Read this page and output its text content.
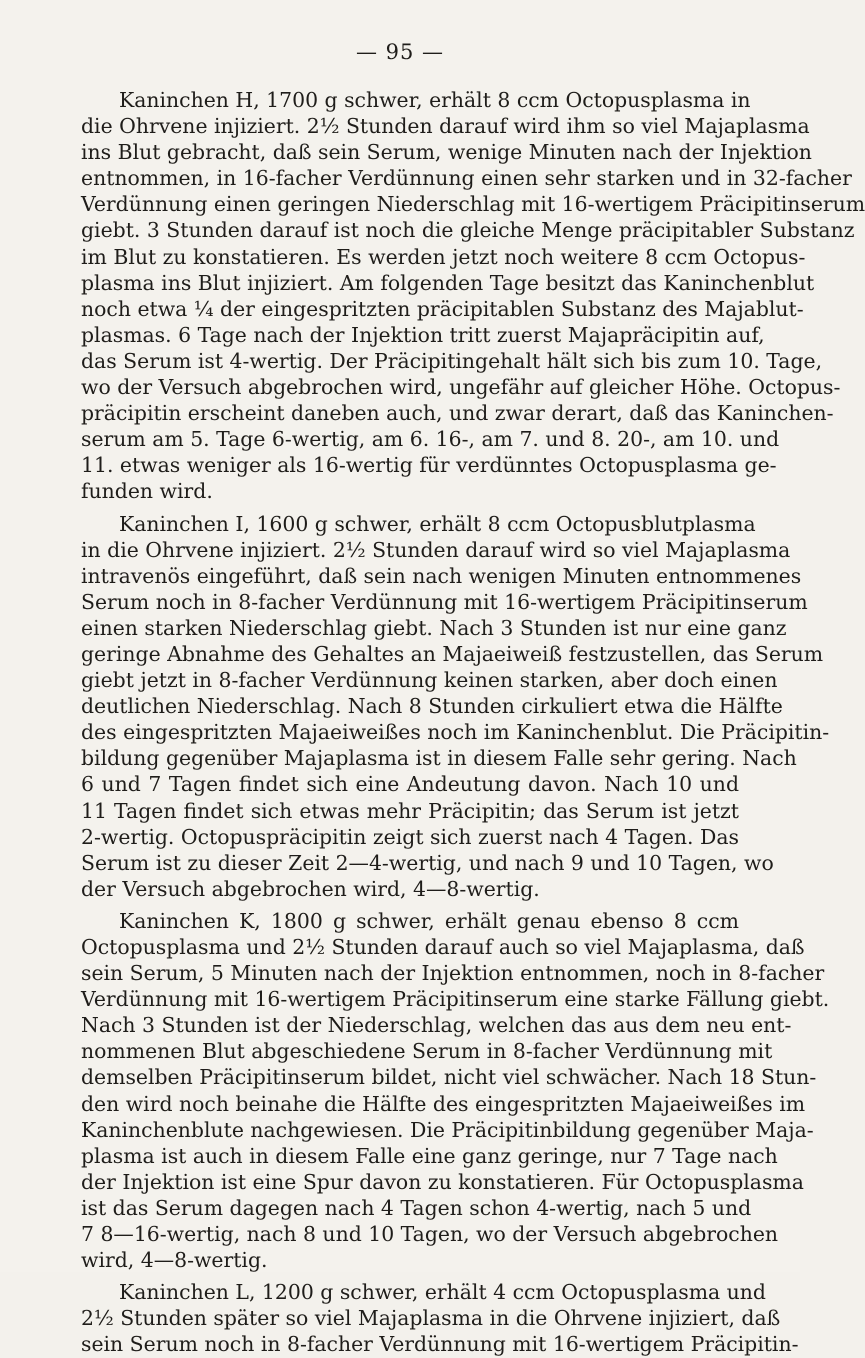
— 95 —

Kaninchen H, 1700 g schwer, erhält 8 ccm Octopusplasma in
die Ohrvene injiziert. 2½ Stunden darauf wird ihm so viel Majaplasma
ins Blut gebracht, daß sein Serum, wenige Minuten nach der Injektion
entnommen, in 16-facher Verdünnung einen sehr starken und in 32-facher
Verdünnung einen geringen Niederschlag mit 16-wertigem Präcipitinserum
giebt. 3 Stunden darauf ist noch die gleiche Menge präcipitabler Substanz
im Blut zu konstatieren. Es werden jetzt noch weitere 8 ccm Octopus-
plasma ins Blut injiziert. Am folgenden Tage besitzt das Kaninchenblut
noch etwa ¼ der eingespritzten präcipitablen Substanz des Majablut-
plasmas. 6 Tage nach der Injektion tritt zuerst Majapräcipitin auf,
das Serum ist 4-wertig. Der Präcipitingehalt hält sich bis zum 10. Tage,
wo der Versuch abgebrochen wird, ungefähr auf gleicher Höhe. Octopus-
präcipitin erscheint daneben auch, und zwar derart, daß das Kaninchen-
serum am 5. Tage 6-wertig, am 6. 16-, am 7. und 8. 20-, am 10. und
11. etwas weniger als 16-wertig für verdünntes Octopusplasma ge-
funden wird.

Kaninchen I, 1600 g schwer, erhält 8 ccm Octopusblutplasma
in die Ohrvene injiziert. 2½ Stunden darauf wird so viel Majaplasma
intravenös eingeführt, daß sein nach wenigen Minuten entnommenes
Serum noch in 8-facher Verdünnung mit 16-wertigem Präcipitinserum
einen starken Niederschlag giebt. Nach 3 Stunden ist nur eine ganz
geringe Abnahme des Gehaltes an Majaeiweiß festzustellen, das Serum
giebt jetzt in 8-facher Verdünnung keinen starken, aber doch einen
deutlichen Niederschlag. Nach 8 Stunden cirkuliert etwa die Hälfte
des eingespritzten Majaeiweißes noch im Kaninchenblut. Die Präcipitin-
bildung gegenüber Majaplasma ist in diesem Falle sehr gering. Nach
6 und 7 Tagen findet sich eine Andeutung davon. Nach 10 und
11 Tagen findet sich etwas mehr Präcipitin; das Serum ist jetzt
2-wertig. Octopuspräcipitin zeigt sich zuerst nach 4 Tagen. Das
Serum ist zu dieser Zeit 2—4-wertig, und nach 9 und 10 Tagen, wo
der Versuch abgebrochen wird, 4—8-wertig.

Kaninchen K, 1800 g schwer, erhält genau ebenso 8 ccm
Octopusplasma und 2½ Stunden darauf auch so viel Majaplasma, daß
sein Serum, 5 Minuten nach der Injektion entnommen, noch in 8-facher
Verdünnung mit 16-wertigem Präcipitinserum eine starke Fällung giebt.
Nach 3 Stunden ist der Niederschlag, welchen das aus dem neu ent-
nommenen Blut abgeschiedene Serum in 8-facher Verdünnung mit
demselben Präcipitinserum bildet, nicht viel schwächer. Nach 18 Stun-
den wird noch beinahe die Hälfte des eingespritzten Majaeiweißes im
Kaninchenblute nachgewiesen. Die Präcipitinbildung gegenüber Maja-
plasma ist auch in diesem Falle eine ganz geringe, nur 7 Tage nach
der Injektion ist eine Spur davon zu konstatieren. Für Octopusplasma
ist das Serum dagegen nach 4 Tagen schon 4-wertig, nach 5 und
7 8—16-wertig, nach 8 und 10 Tagen, wo der Versuch abgebrochen
wird, 4—8-wertig.

Kaninchen L, 1200 g schwer, erhält 4 ccm Octopusplasma und
2½ Stunden später so viel Majaplasma in die Ohrvene injiziert, daß
sein Serum noch in 8-facher Verdünnung mit 16-wertigem Präcipitin-
